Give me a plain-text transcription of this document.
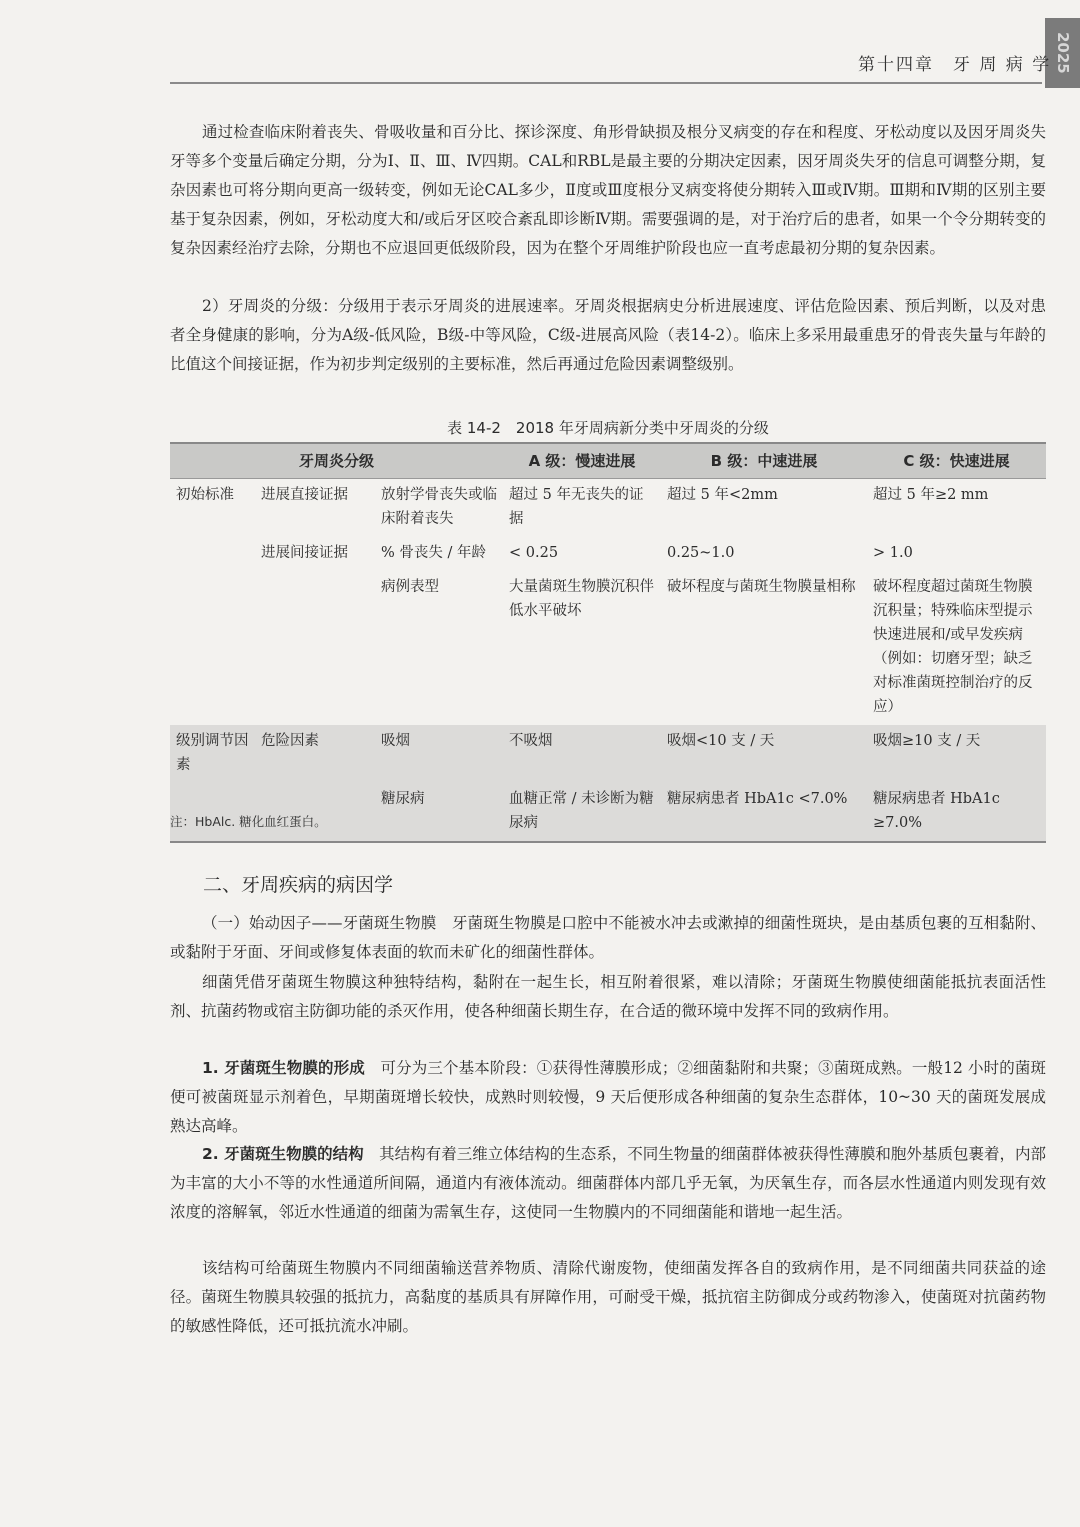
2025
第十四章　牙 周 病 学

通过检查临床附着丧失、骨吸收量和百分比、探诊深度、角形骨缺损及根分叉病变的存在和程度、牙松动度以及因牙周炎失牙等多个变量后确定分期，分为Ⅰ、Ⅱ、Ⅲ、Ⅳ四期。CAL和RBL是最主要的分期决定因素，因牙周炎失牙的信息可调整分期，复杂因素也可将分期向更高一级转变，例如无论CAL多少，Ⅱ度或Ⅲ度根分叉病变将使分期转入Ⅲ或Ⅳ期。Ⅲ期和Ⅳ期的区别主要基于复杂因素，例如，牙松动度大和/或后牙区咬合紊乱即诊断Ⅳ期。需要强调的是，对于治疗后的患者，如果一个令分期转变的复杂因素经治疗去除，分期也不应退回更低级阶段，因为在整个牙周维护阶段也应一直考虑最初分期的复杂因素。

2）牙周炎的分级：分级用于表示牙周炎的进展速率。牙周炎根据病史分析进展速度、评估危险因素、预后判断，以及对患者全身健康的影响，分为A级-低风险，B级-中等风险，C级-进展高风险（表14-2）。临床上多采用最重患牙的骨丧失量与年龄的比值这个间接证据，作为初步判定级别的主要标准，然后再通过危险因素调整级别。

表 14-2　2018 年牙周病新分类中牙周炎的分级
牙周炎分级			A 级：慢速进展	B 级：中速进展	C 级：快速进展
初始标准	进展直接证据	放射学骨丧失或临床附着丧失	超过 5 年无丧失的证据	超过 5 年<2mm	超过 5 年≥2 mm
	进展间接证据	% 骨丧失 / 年龄	< 0.25	0.25~1.0	> 1.0
		病例表型	大量菌斑生物膜沉积伴低水平破坏	破坏程度与菌斑生物膜量相称	破坏程度超过菌斑生物膜沉积量；特殊临床型提示快速进展和/或早发疾病（例如：切磨牙型；缺乏对标准菌斑控制治疗的反应）
级别调节因素	危险因素	吸烟	不吸烟	吸烟<10 支 / 天	吸烟≥10 支 / 天
		糖尿病	血糖正常 / 未诊断为糖尿病	糖尿病患者 HbA1c <7.0%	糖尿病患者 HbA1c ≥7.0%
注：HbAlc. 糖化血红蛋白。
二、牙周疾病的病因学

（一）始动因子——牙菌斑生物膜　牙菌斑生物膜是口腔中不能被水冲去或漱掉的细菌性斑块，是由基质包裹的互相黏附、或黏附于牙面、牙间或修复体表面的软而未矿化的细菌性群体。

细菌凭借牙菌斑生物膜这种独特结构，黏附在一起生长，相互附着很紧，难以清除；牙菌斑生物膜使细菌能抵抗表面活性剂、抗菌药物或宿主防御功能的杀灭作用，使各种细菌长期生存，在合适的微环境中发挥不同的致病作用。

1. 牙菌斑生物膜的形成　可分为三个基本阶段：①获得性薄膜形成；②细菌黏附和共聚；③菌斑成熟。一般12 小时的菌斑便可被菌斑显示剂着色，早期菌斑增长较快，成熟时则较慢，9 天后便形成各种细菌的复杂生态群体，10~30 天的菌斑发展成熟达高峰。

2. 牙菌斑生物膜的结构　其结构有着三维立体结构的生态系，不同生物量的细菌群体被获得性薄膜和胞外基质包裹着，内部为丰富的大小不等的水性通道所间隔，通道内有液体流动。细菌群体内部几乎无氧，为厌氧生存，而各层水性通道内则发现有效浓度的溶解氧，邻近水性通道的细菌为需氧生存，这使同一生物膜内的不同细菌能和谐地一起生活。

该结构可给菌斑生物膜内不同细菌输送营养物质、清除代谢废物，使细菌发挥各自的致病作用，是不同细菌共同获益的途径。菌斑生物膜具较强的抵抗力，高黏度的基质具有屏障作用，可耐受干燥，抵抗宿主防御成分或药物渗入，使菌斑对抗菌药物的敏感性降低，还可抵抗流水冲刷。
